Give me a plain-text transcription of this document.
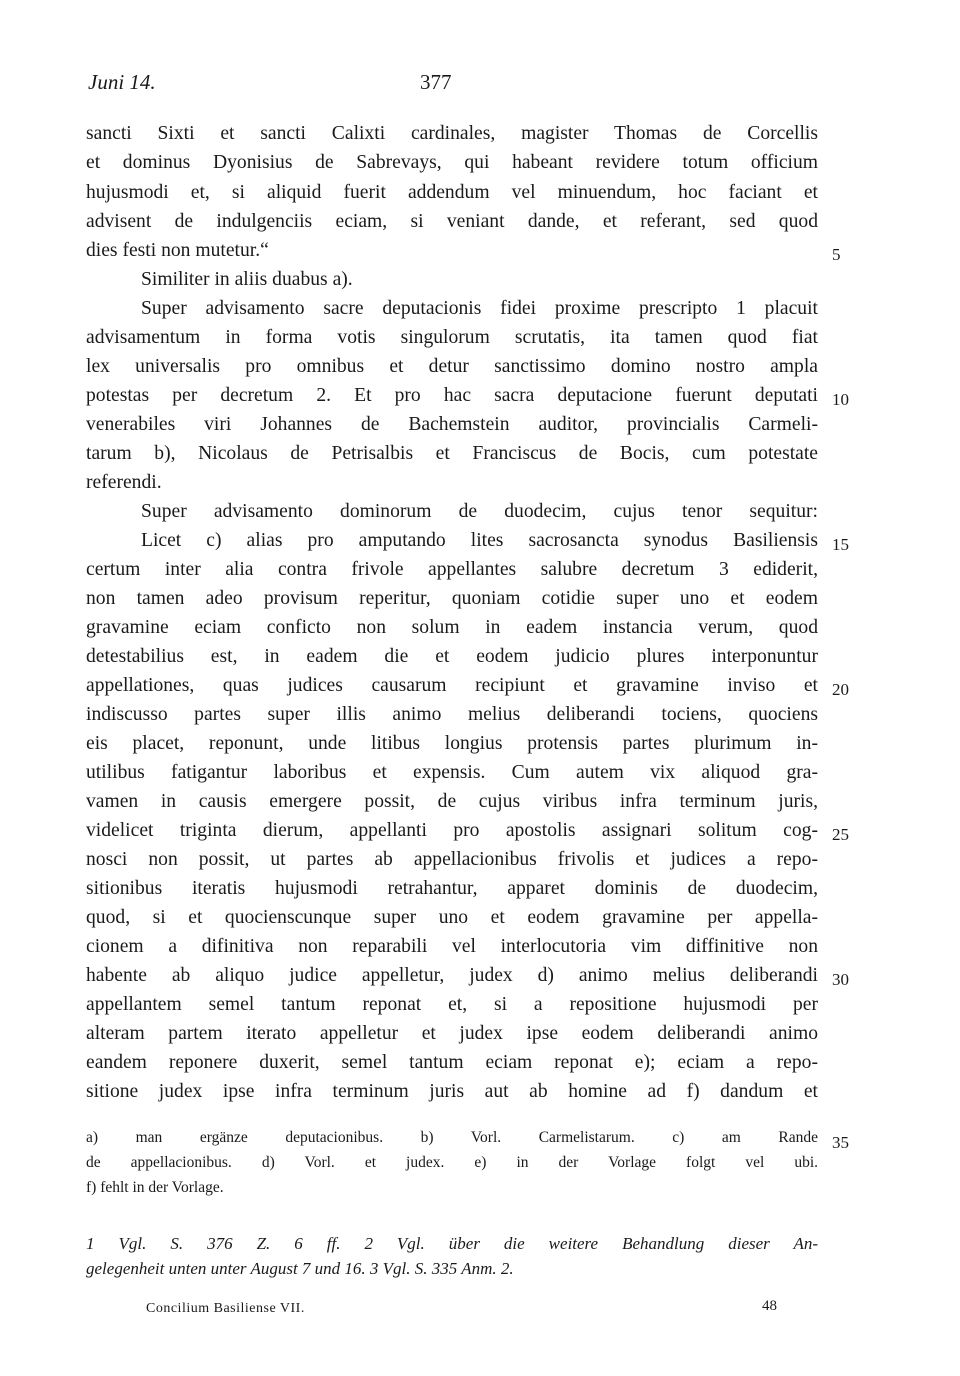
Juni 14.	377
sancti Sixti et sancti Calixti cardinales, magister Thomas de Corcellis
et dominus Dyonisius de Sabrevays, qui habeant revidere totum officium
hujusmodi et, si aliquid fuerit addendum vel minuendum, hoc faciant et
advisent de indulgenciis eciam, si veniant dande, et referant, sed quod
dies festi non mutetur.“
Similiter in aliis duabus a).
Super advisamento sacre deputacionis fidei proxime prescripto 1 placuit
advisamentum in forma votis singulorum scrutatis, ita tamen quod fiat
lex universalis pro omnibus et detur sanctissimo domino nostro ampla
potestas per decretum 2. Et pro hac sacra deputacione fuerunt deputati
venerabiles viri Johannes de Bachemstein auditor, provincialis Carmeli-
tarum b), Nicolaus de Petrisalbis et Franciscus de Bocis, cum potestate
referendi.
Super advisamento dominorum de duodecim, cujus tenor sequitur:
Licet c) alias pro amputando lites sacrosancta synodus Basiliensis
certum inter alia contra frivole appellantes salubre decretum 3 ediderit,
non tamen adeo provisum reperitur, quoniam cotidie super uno et eodem
gravamine eciam conficto non solum in eadem instancia verum, quod
detestabilius est, in eadem die et eodem judicio plures interponuntur
appellationes, quas judices causarum recipiunt et gravamine inviso et
indiscusso partes super illis animo melius deliberandi tociens, quociens
eis placet, reponunt, unde litibus longius protensis partes plurimum in-
utilibus fatigantur laboribus et expensis. Cum autem vix aliquod gra-
vamen in causis emergere possit, de cujus viribus infra terminum juris,
videlicet triginta dierum, appellanti pro apostolis assignari solitum cog-
nosci non possit, ut partes ab appellacionibus frivolis et judices a repo-
sitionibus iteratis hujusmodi retrahantur, apparet dominis de duodecim,
quod, si et quocienscunque super uno et eodem gravamine per appella-
cionem a difinitiva non reparabili vel interlocutoria vim diffinitive non
habente ab aliquo judice appelletur, judex d) animo melius deliberandi
appellantem semel tantum reponat et, si a repositione hujusmodi per
alteram partem iterato appelletur et judex ipse eodem deliberandi animo
eandem reponere duxerit, semel tantum eciam reponat e); eciam a repo-
sitione judex ipse infra terminum juris aut ab homine ad f) dandum et
5
10
15
20
25
30
35
a) man ergänze deputacionibus. b) Vorl. Carmelistarum. c) am Rande
de appellacionibus. d) Vorl. et judex. e) in der Vorlage folgt vel ubi.
f) fehlt in der Vorlage.
1 Vgl. S. 376 Z. 6 ff. 2 Vgl. über die weitere Behandlung dieser An-
gelegenheit unten unter August 7 und 16. 3 Vgl. S. 335 Anm. 2.
Concilium Basiliense VII.	48
